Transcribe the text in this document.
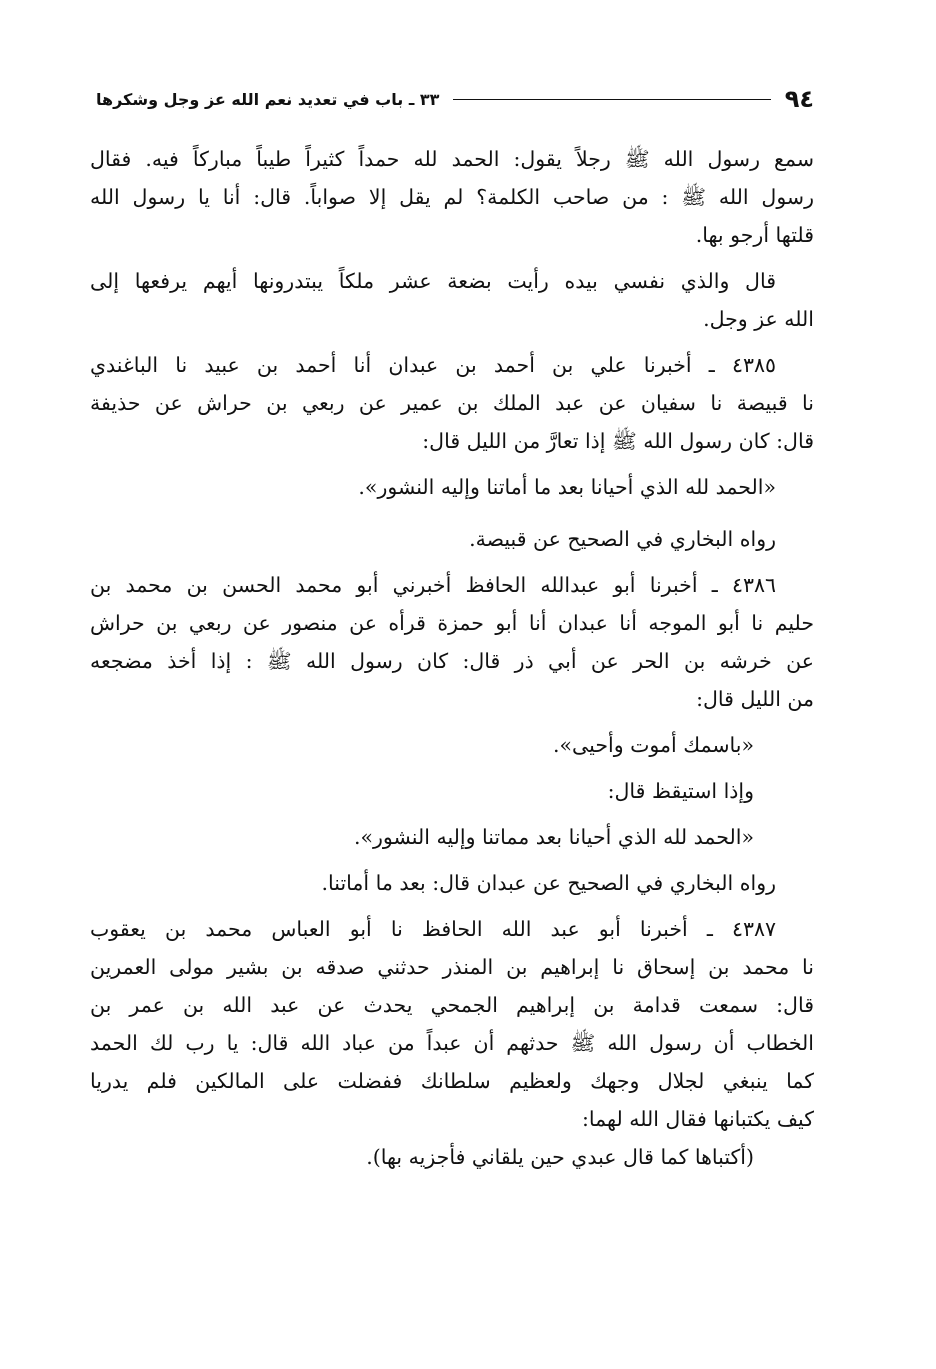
٩٤
٣٣ ـ باب في تعديد نعم الله عز وجل وشكرها
سمع رسول الله ﷺ رجلاً يقول: الحمد لله حمداً كثيراً طيباً مباركاً فيه. فقال
رسول الله ﷺ : من صاحب الكلمة؟ لم يقل إلا صواباً. قال: أنا يا رسول الله
قلتها أرجو بها.
قال والذي نفسي بيده رأيت بضعة عشر ملكاً يبتدرونها أيهم يرفعها إلى
الله عز وجل.
٤٣٨٥ ـ أخبرنا علي بن أحمد بن عبدان أنا أحمد بن عبيد نا الباغندي
نا قبيصة نا سفيان عن عبد الملك بن عمير عن ربعي بن حراش عن حذيفة
قال: كان رسول الله ﷺ إذا تعارَّ من الليل قال:
«الحمد لله الذي أحيانا بعد ما أماتنا وإليه النشور».
رواه البخاري في الصحيح عن قبيصة.
٤٣٨٦ ـ أخبرنا أبو عبدالله الحافظ أخبرني أبو محمد الحسن بن محمد بن
حليم نا أبو الموجه أنا عبدان أنا أبو حمزة قرأه عن منصور عن ربعي بن حراش
عن خرشه بن الحر عن أبي ذر قال: كان رسول الله ﷺ : إذا أخذ مضجعه
من الليل قال:
«باسمك أموت وأحيى».
وإذا استيقظ قال:
«الحمد لله الذي أحيانا بعد مماتنا وإليه النشور».
رواه البخاري في الصحيح عن عبدان قال: بعد ما أماتنا.
٤٣٨٧ ـ أخبرنا أبو عبد الله الحافظ نا أبو العباس محمد بن يعقوب
نا محمد بن إسحاق نا إبراهيم بن المنذر حدثني صدقه بن بشير مولى العمرين
قال: سمعت قدامة بن إبراهيم الجمحي يحدث عن عبد الله بن عمر بن
الخطاب أن رسول الله ﷺ حدثهم أن عبداً من عباد الله قال: يا رب لك الحمد
كما ينبغي لجلال وجهك ولعظيم سلطانك ففضلت على المالكين فلم يدريا
كيف يكتبانها فقال الله لهما:
(أكتباها كما قال عبدي حين يلقاني فأجزيه بها).
